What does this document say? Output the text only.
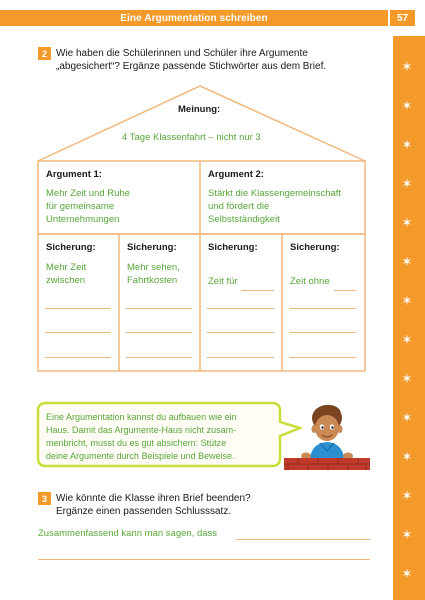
Eine Argumentation schreiben	57
✶
✶
✶
✶
✶
✶
✶
✶
✶
✶
✶
✶
✶
✶
2 Wie haben die Schülerinnen und Schüler ihre Argumente
„abgesichert“? Ergänze passende Stichwörter aus dem Brief.
Meinung:
4 Tage Klassenfahrt – nicht nur 3
Argument 1:
Mehr Zeit und Ruhe
für gemeinsame
Unternehmungen
Argument 2:
Stärkt die Klassengemeinschaft
und fördert die
Selbstständigkeit
Sicherung:
Mehr Zeit
zwischen
Sicherung:
Mehr sehen,
Fahrtkosten
Sicherung:
Zeit für
Sicherung:
Zeit ohne
Eine Argumentation kannst du aufbauen wie ein
Haus. Damit das Argumente-Haus nicht zusam-
menbricht, musst du es gut absichern: Stütze
deine Argumente durch Beispiele und Beweise.
3 Wie könnte die Klasse ihren Brief beenden?
Ergänze einen passenden Schlusssatz.
Zusammenfassend kann man sagen, dass
